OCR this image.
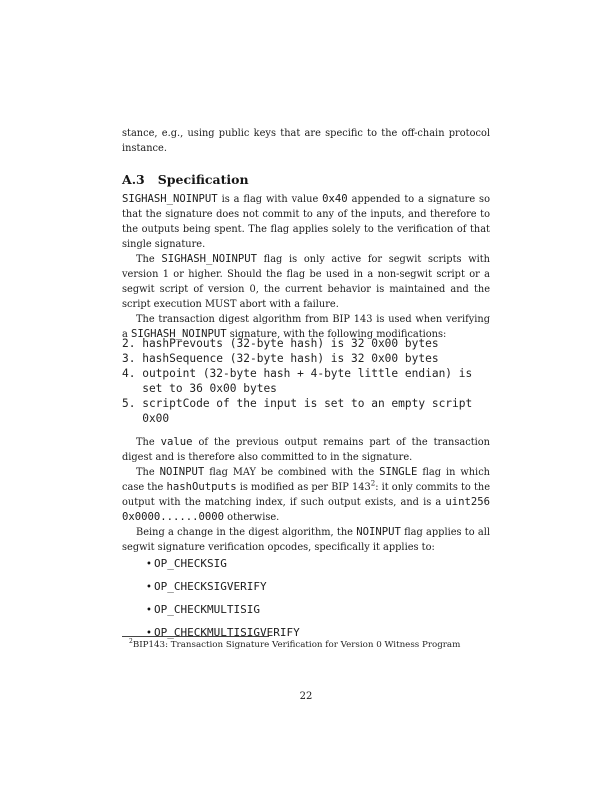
stance, e.g., using public keys that are specific to the off-chain protocol instance.

A.3 Specification

SIGHASH_NOINPUT is a flag with value 0x40 appended to a signature so that the signature does not commit to any of the inputs, and therefore to the outputs being spent. The flag applies solely to the verification of that single signature.

The SIGHASH_NOINPUT flag is only active for segwit scripts with version 1 or higher. Should the flag be used in a non-segwit script or a segwit script of version 0, the current behavior is maintained and the script execution MUST abort with a failure.

The transaction digest algorithm from BIP 143 is used when verifying a SIGHASH_NOINPUT signature, with the following modifications:

2. hashPrevouts (32-byte hash) is 32 0x00 bytes
3. hashSequence (32-byte hash) is 32 0x00 bytes
4. outpoint (32-byte hash + 4-byte little endian) is
set to 36 0x00 bytes
5. scriptCode of the input is set to an empty script
0x00

The value of the previous output remains part of the transaction digest and is therefore also committed to in the signature.

The NOINPUT flag MAY be combined with the SINGLE flag in which case the hashOutputs is modified as per BIP $143^2$: it only commits to the output with the matching index, if such output exists, and is a uint256 0x0000......0000 otherwise.

Being a change in the digest algorithm, the NOINPUT flag applies to all segwit signature verification opcodes, specifically it applies to:

• OP_CHECKSIG
• OP_CHECKSIGVERIFY
• OP_CHECKMULTISIG
• OP_CHECKMULTISIGVERIFY

$^2$BIP143: Transaction Signature Verification for Version 0 Witness Program

22
